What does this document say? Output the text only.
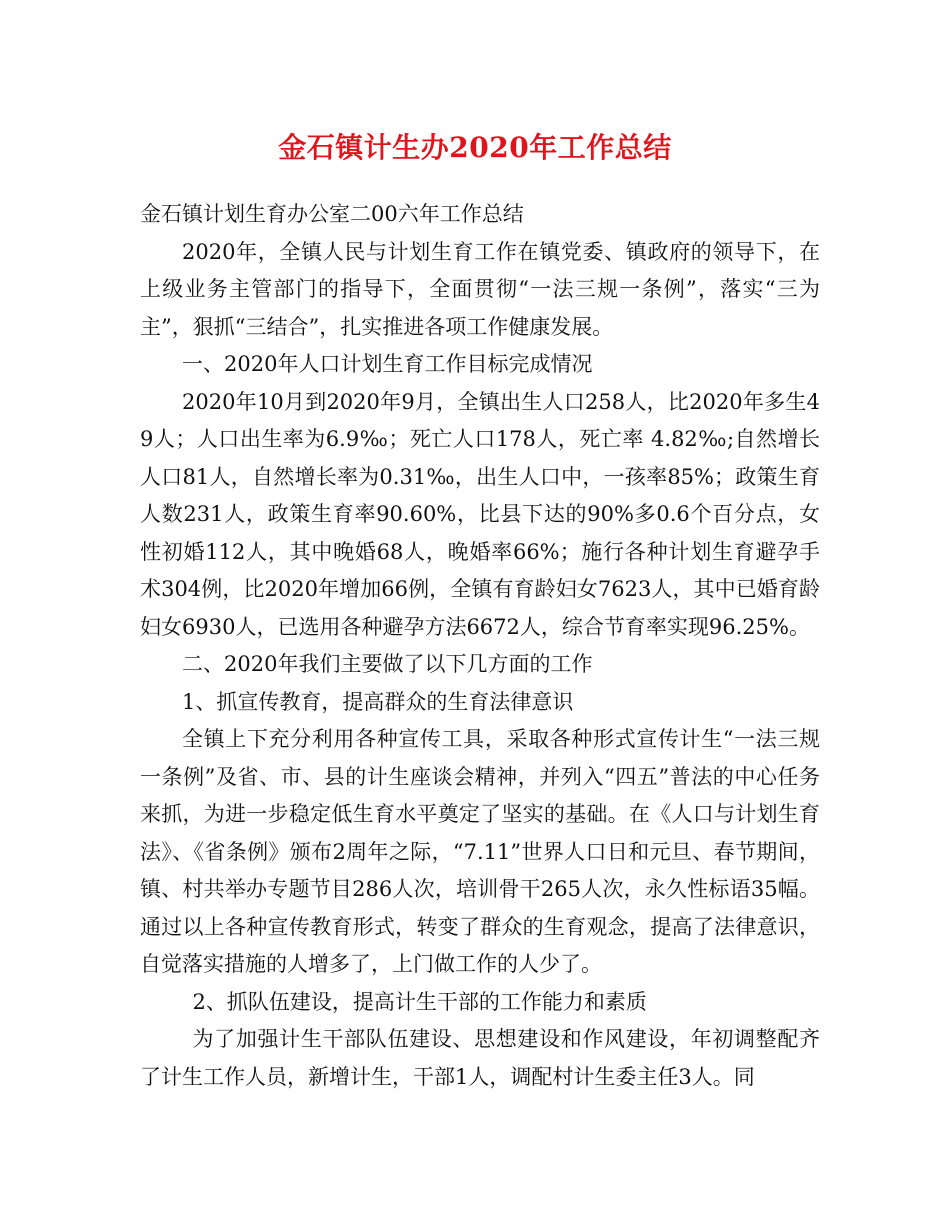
金石镇计生办2020年工作总结

金石镇计划生育办公室二00六年工作总结

2020年，全镇人民与计划生育工作在镇党委、镇政府的领导下，在上级业务主管部门的指导下，全面贯彻“一法三规一条例”，落实“三为主”，狠抓“三结合”，扎实推进各项工作健康发展。

一、2020年人口计划生育工作目标完成情况

2020年10月到2020年9月，全镇出生人口258人，比2020年多生49人；人口出生率为6.9‰；死亡人口178人，死亡率 4.82‰;自然增长人口81人，自然增长率为0.31‰，出生人口中，一孩率85%；政策生育人数231人，政策生育率90.60%，比县下达的90%多0.6个百分点，女性初婚112人，其中晚婚68人，晚婚率66%；施行各种计划生育避孕手术304例，比2020年增加66例，全镇有育龄妇女7623人，其中已婚育龄妇女6930人，已选用各种避孕方法6672人，综合节育率实现96.25%。

二、2020年我们主要做了以下几方面的工作

1、抓宣传教育，提高群众的生育法律意识

全镇上下充分利用各种宣传工具，采取各种形式宣传计生“一法三规一条例”及省、市、县的计生座谈会精神，并列入“四五”普法的中心任务来抓，为进一步稳定低生育水平奠定了坚实的基础。在《人口与计划生育法》、《省条例》颁布2周年之际，“7.11”世界人口日和元旦、春节期间，镇、村共举办专题节目286人次，培训骨干265人次，永久性标语35幅。通过以上各种宣传教育形式，转变了群众的生育观念，提高了法律意识，自觉落实措施的人增多了，上门做工作的人少了。

2、抓队伍建设，提高计生干部的工作能力和素质

为了加强计生干部队伍建设、思想建设和作风建设，年初调整配齐了计生工作人员，新增计生，干部1人，调配村计生委主任3人。同
